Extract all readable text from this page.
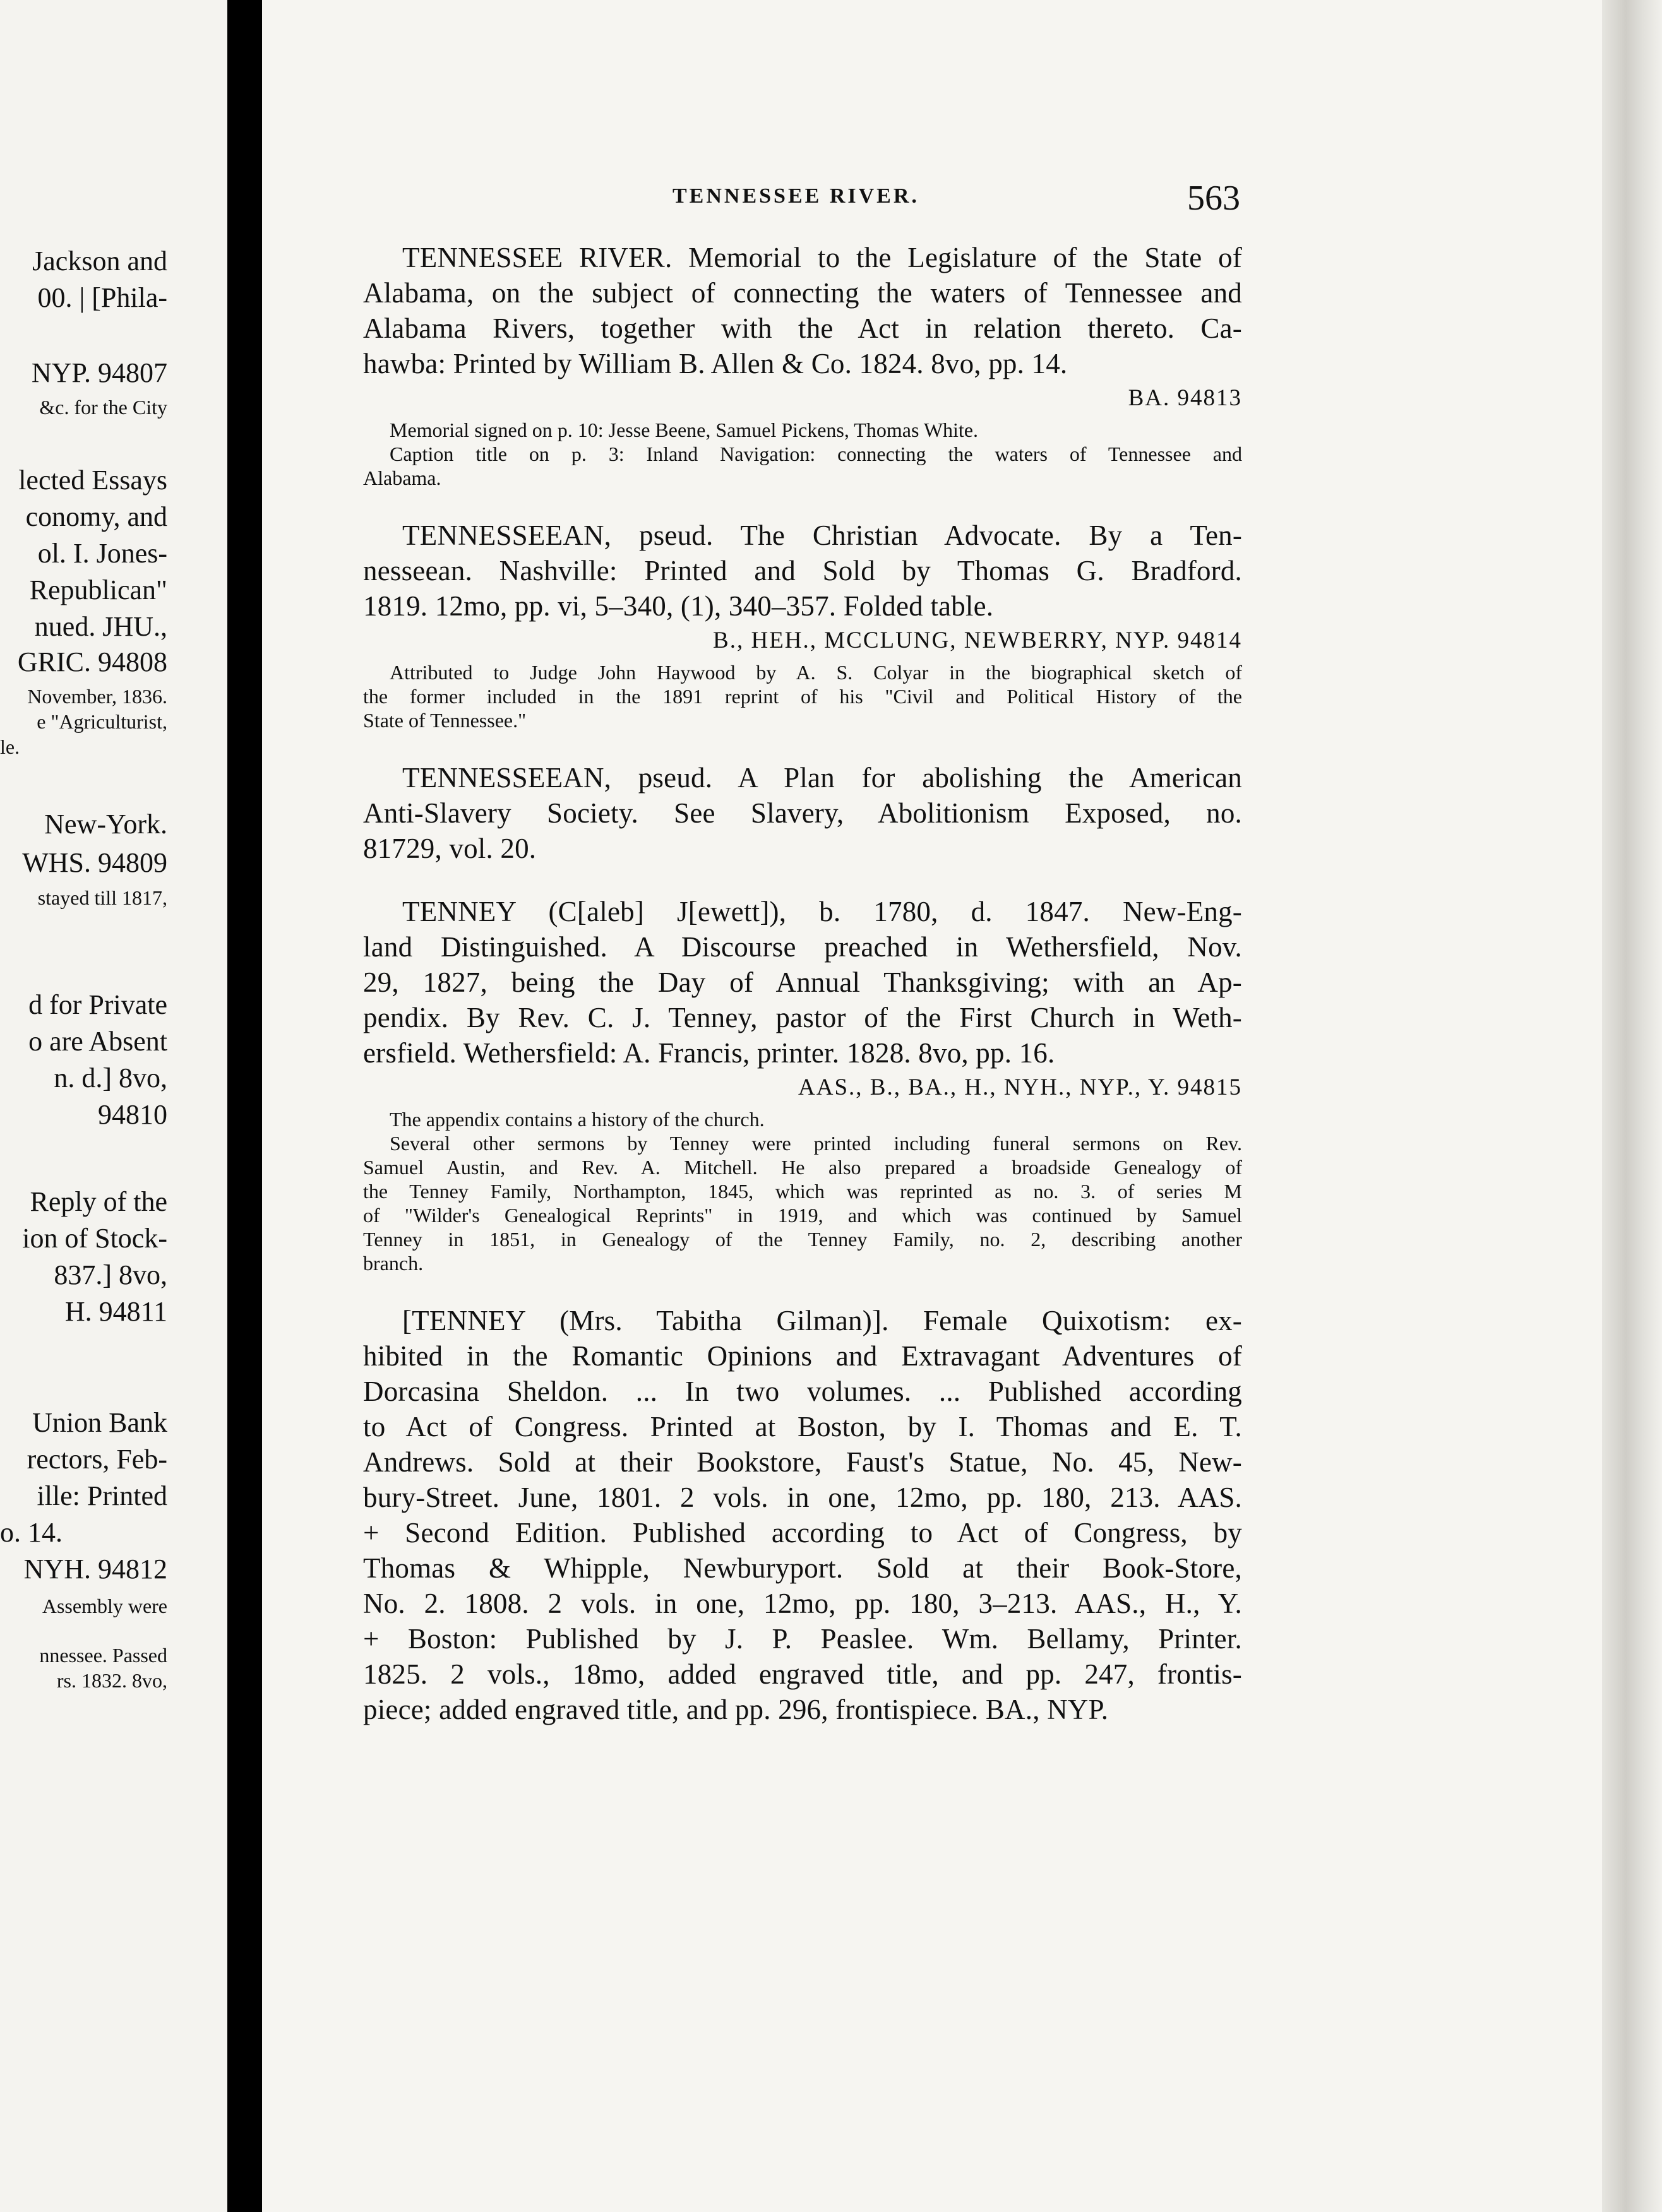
Jackson and
00. | [Phila-
NYP. 94807
&c. for the City
lected Essays
conomy, and
ol. I. Jones-
Republican"
nued. JHU.,
GRIC. 94808
November, 1836.
e "Agriculturist,
le.
New-York.
WHS. 94809
stayed till 1817,
d for Private
o are Absent
n. d.] 8vo,
94810
Reply of the
ion of Stock-
837.] 8vo,
H. 94811
Union Bank
rectors, Feb-
ille: Printed
o. 14.
NYH. 94812
Assembly were
nnessee. Passed
rs. 1832. 8vo,
TENNESSEE RIVER.	563
TENNESSEE RIVER. Memorial to the Legislature of the State of
Alabama, on the subject of connecting the waters of Tennessee and
Alabama Rivers, together with the Act in relation thereto. Ca-
hawba: Printed by William B. Allen & Co. 1824. 8vo, pp. 14.
BA. 94813
Memorial signed on p. 10: Jesse Beene, Samuel Pickens, Thomas White.
Caption title on p. 3: Inland Navigation: connecting the waters of Tennessee and
Alabama.
TENNESSEEAN, pseud. The Christian Advocate. By a Ten-
nesseean. Nashville: Printed and Sold by Thomas G. Bradford.
1819. 12mo, pp. vi, 5–340, (1), 340–357. Folded table.
B., HEH., MCCLUNG, NEWBERRY, NYP. 94814
Attributed to Judge John Haywood by A. S. Colyar in the biographical sketch of
the former included in the 1891 reprint of his "Civil and Political History of the
State of Tennessee."
TENNESSEEAN, pseud. A Plan for abolishing the American
Anti-Slavery Society. See Slavery, Abolitionism Exposed, no.
81729, vol. 20.
TENNEY (C[aleb] J[ewett]), b. 1780, d. 1847. New-Eng-
land Distinguished. A Discourse preached in Wethersfield, Nov.
29, 1827, being the Day of Annual Thanksgiving; with an Ap-
pendix. By Rev. C. J. Tenney, pastor of the First Church in Weth-
ersfield. Wethersfield: A. Francis, printer. 1828. 8vo, pp. 16.
AAS., B., BA., H., NYH., NYP., Y. 94815
The appendix contains a history of the church.
Several other sermons by Tenney were printed including funeral sermons on Rev.
Samuel Austin, and Rev. A. Mitchell. He also prepared a broadside Genealogy of
the Tenney Family, Northampton, 1845, which was reprinted as no. 3. of series M
of "Wilder's Genealogical Reprints" in 1919, and which was continued by Samuel
Tenney in 1851, in Genealogy of the Tenney Family, no. 2, describing another
branch.
[TENNEY (Mrs. Tabitha Gilman)]. Female Quixotism: ex-
hibited in the Romantic Opinions and Extravagant Adventures of
Dorcasina Sheldon. ... In two volumes. ... Published according
to Act of Congress. Printed at Boston, by I. Thomas and E. T.
Andrews. Sold at their Bookstore, Faust's Statue, No. 45, New-
bury-Street. June, 1801. 2 vols. in one, 12mo, pp. 180, 213. AAS.
+ Second Edition. Published according to Act of Congress, by
Thomas & Whipple, Newburyport. Sold at their Book-Store,
No. 2. 1808. 2 vols. in one, 12mo, pp. 180, 3–213. AAS., H., Y.
+ Boston: Published by J. P. Peaslee. Wm. Bellamy, Printer.
1825. 2 vols., 18mo, added engraved title, and pp. 247, frontis-
piece; added engraved title, and pp. 296, frontispiece. BA., NYP.
